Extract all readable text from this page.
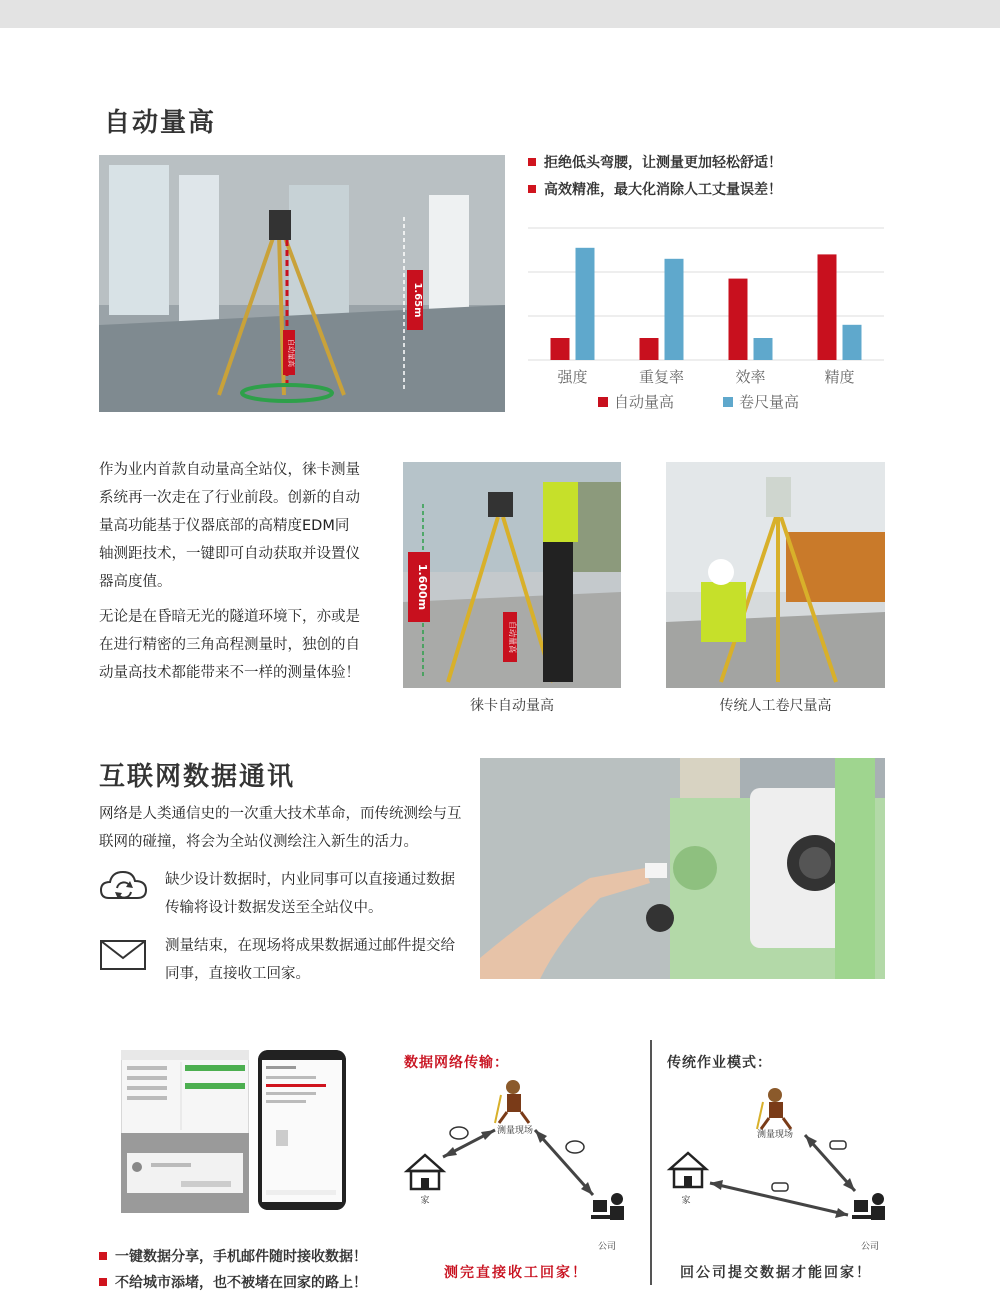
自动量高
1.65m
自动量高
拒绝低头弯腰，让测量更加轻松舒适！
高效精准，最大化消除人工丈量误差！
强度	重复率	效率	精度
自动量高	卷尺量高
作为业内首款自动量高全站仪，徕卡测量系统再一次走在了行业前段。创新的自动量高功能基于仪器底部的高精度EDM同轴测距技术，一键即可自动获取并设置仪器高度值。
无论是在昏暗无光的隧道环境下，亦或是在进行精密的三角高程测量时，独创的自动量高技术都能带来不一样的测量体验！
1.600m
自动量高
徕卡自动量高	传统人工卷尺量高
互联网数据通讯
网络是人类通信史的一次重大技术革命，而传统测绘与互联网的碰撞，将会为全站仪测绘注入新生的活力。
缺少设计数据时，内业同事可以直接通过数据传输将设计数据发送至全站仪中。
测量结束，在现场将成果数据通过邮件提交给同事，直接收工回家。
一键数据分享，手机邮件随时接收数据！
不给城市添堵，也不被堵在回家的路上！
数据网络传输：
测量现场
家
公司
测完直接收工回家！
传统作业模式：
测量现场
家
公司
回公司提交数据才能回家！
